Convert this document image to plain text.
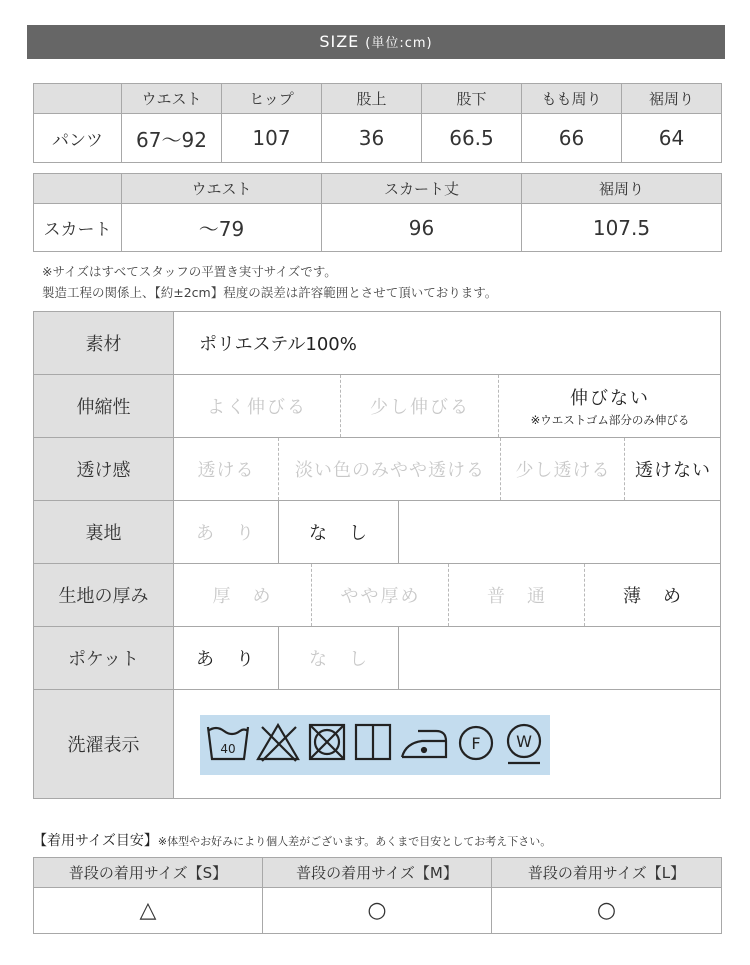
SIZE (単位:cm)
	ウエスト	ヒップ	股上	股下	もも周り	裾周り
パンツ	67〜92	107	36	66.5	66	64
	ウエスト	スカート丈	裾周り
スカート	〜79	96	107.5
※サイズはすべてスタッフの平置き実寸サイズです。
製造工程の関係上、【約±2cm】程度の誤差は許容範囲とさせて頂いております。
素材	ポリエステル100%
伸縮性	よく伸びる	少し伸びる	伸びない
※ウエストゴム部分のみ伸びる
透け感	透ける 淡い色のみやや透ける 少し透ける 透けない
裏地	あ　り	な　し
生地の厚み	厚　め	やや厚め	普　通	薄　め
ポケット	あ　り	な　し
洗濯表示	40	F W
【着用サイズ目安】※体型やお好みにより個人差がございます。あくまで目安としてお考え下さい。
普段の着用サイズ【S】	普段の着用サイズ【M】	普段の着用サイズ【L】
△	○	○
